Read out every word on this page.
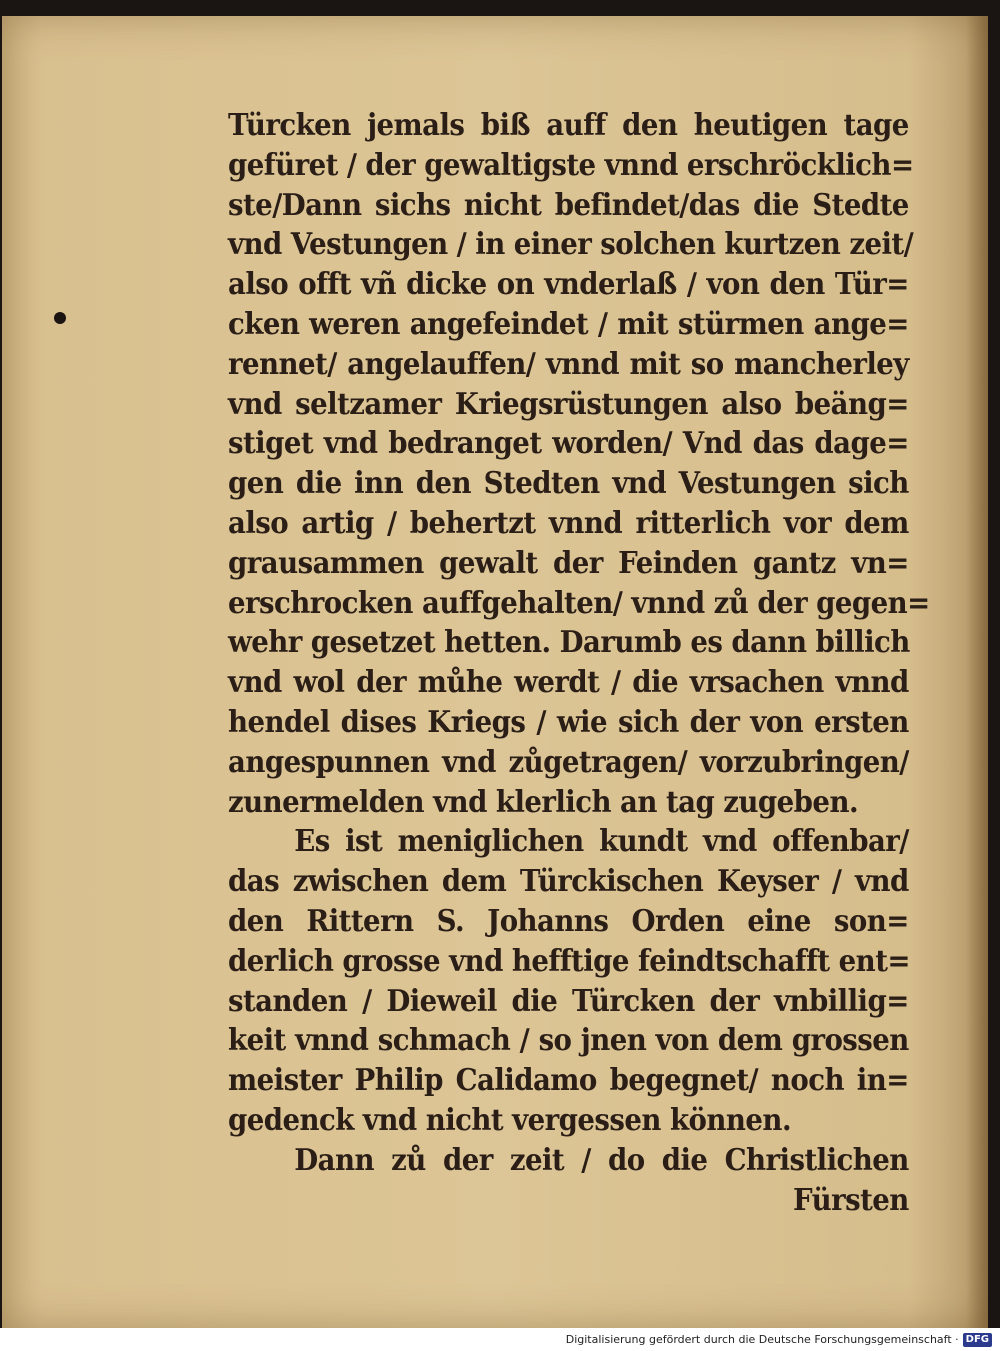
Türcken jemals biß auff den heutigen tage
gefüret / der gewaltigste vnnd erschröcklich=
ste/Dann sichs nicht befindet/das die Stedte
vnd Vestungen / in einer solchen kurtzen zeit/
also offt vñ dicke on vnderlaß / von den Tür=
cken weren angefeindet / mit stürmen ange=
rennet/ angelauffen/ vnnd mit so mancherley
vnd seltzamer Kriegsrüstungen also beäng=
stiget vnd bedranget worden/ Vnd das dage=
gen die inn den Stedten vnd Vestungen sich
also artig / behertzt vnnd ritterlich vor dem
grausammen gewalt der Feinden gantz vn=
erschrocken auffgehalten/ vnnd zů der gegen=
wehr gesetzet hetten. Darumb es dann billich
vnd wol der můhe werdt / die vrsachen vnnd
hendel dises Kriegs / wie sich der von ersten
angespunnen vnd zůgetragen/ vorzubringen/
zunermelden vnd klerlich an tag zugeben.
Es ist meniglichen kundt vnd offenbar/
das zwischen dem Türckischen Keyser / vnd
den Rittern S. Johanns Orden eine son=
derlich grosse vnd hefftige feindtschafft ent=
standen / Dieweil die Türcken der vnbillig=
keit vnnd schmach / so jnen von dem grossen
meister Philip Calidamo begegnet/ noch in=
gedenck vnd nicht vergessen können.
Dann zů der zeit / do die Christlichen
Fürsten
Digitalisierung gefördert durch die Deutsche Forschungsgemeinschaft · DFG
